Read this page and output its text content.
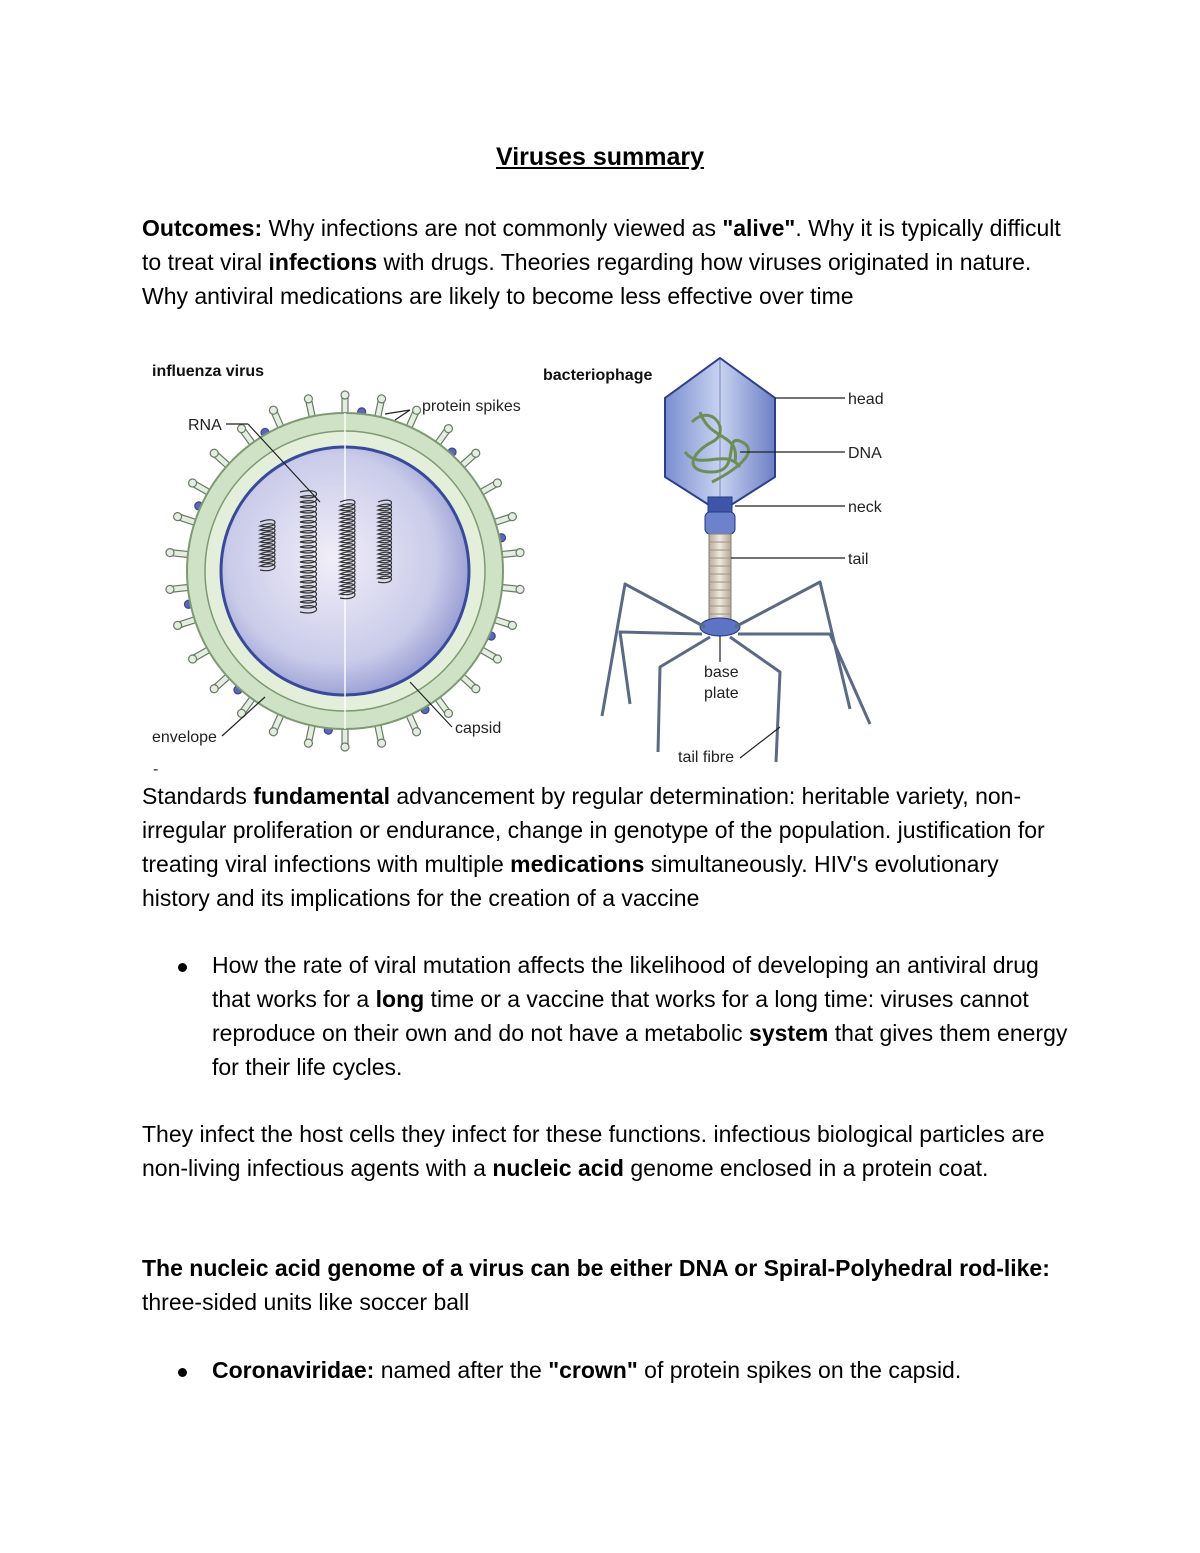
Viruses summary

Outcomes: Why infections are not commonly viewed as "alive". Why it is typically difficult to treat viral infections with drugs. Theories regarding how viruses originated in nature. Why antiviral medications are likely to become less effective over time

influenza virus
RNA
protein spikes
envelope
capsid
bacteriophage
head
DNA
neck
tail
base
plate
tail fibre
-

Standards fundamental advancement by regular determination: heritable variety, non-irregular proliferation or endurance, change in genotype of the population. justification for treating viral infections with multiple medications simultaneously. HIV's evolutionary history and its implications for the creation of a vaccine

How the rate of viral mutation affects the likelihood of developing an antiviral drug that works for a long time or a vaccine that works for a long time: viruses cannot reproduce on their own and do not have a metabolic system that gives them energy for their life cycles.

They infect the host cells they infect for these functions. infectious biological particles are non-living infectious agents with a nucleic acid genome enclosed in a protein coat.

The nucleic acid genome of a virus can be either DNA or Spiral-Polyhedral rod-like: three-sided units like soccer ball

Coronaviridae: named after the "crown" of protein spikes on the capsid.
